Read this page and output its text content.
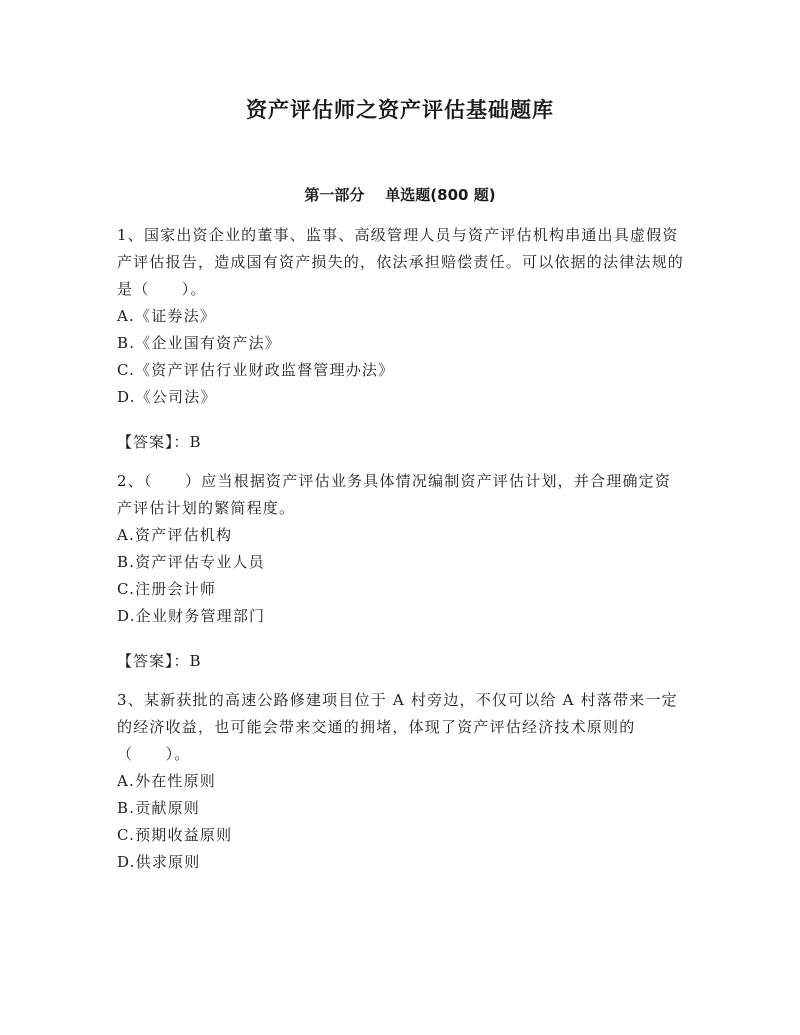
资产评估师之资产评估基础题库
第一部分    单选题(800 题)

1、国家出资企业的董事、监事、高级管理人员与资产评估机构串通出具虚假资产评估报告，造成国有资产损失的，依法承担赔偿责任。可以依据的法律法规的是（　　）。

A.《证券法》
B.《企业国有资产法》
C.《资产评估行业财政监督管理办法》
D.《公司法》
【答案】：B

2、（　　）应当根据资产评估业务具体情况编制资产评估计划，并合理确定资产评估计划的繁简程度。

A.资产评估机构
B.资产评估专业人员
C.注册会计师
D.企业财务管理部门
【答案】：B

3、某新获批的高速公路修建项目位于 A 村旁边，不仅可以给 A 村落带来一定的经济收益，也可能会带来交通的拥堵，体现了资产评估经济技术原则的（　　）。

A.外在性原则
B.贡献原则
C.预期收益原则
D.供求原则
